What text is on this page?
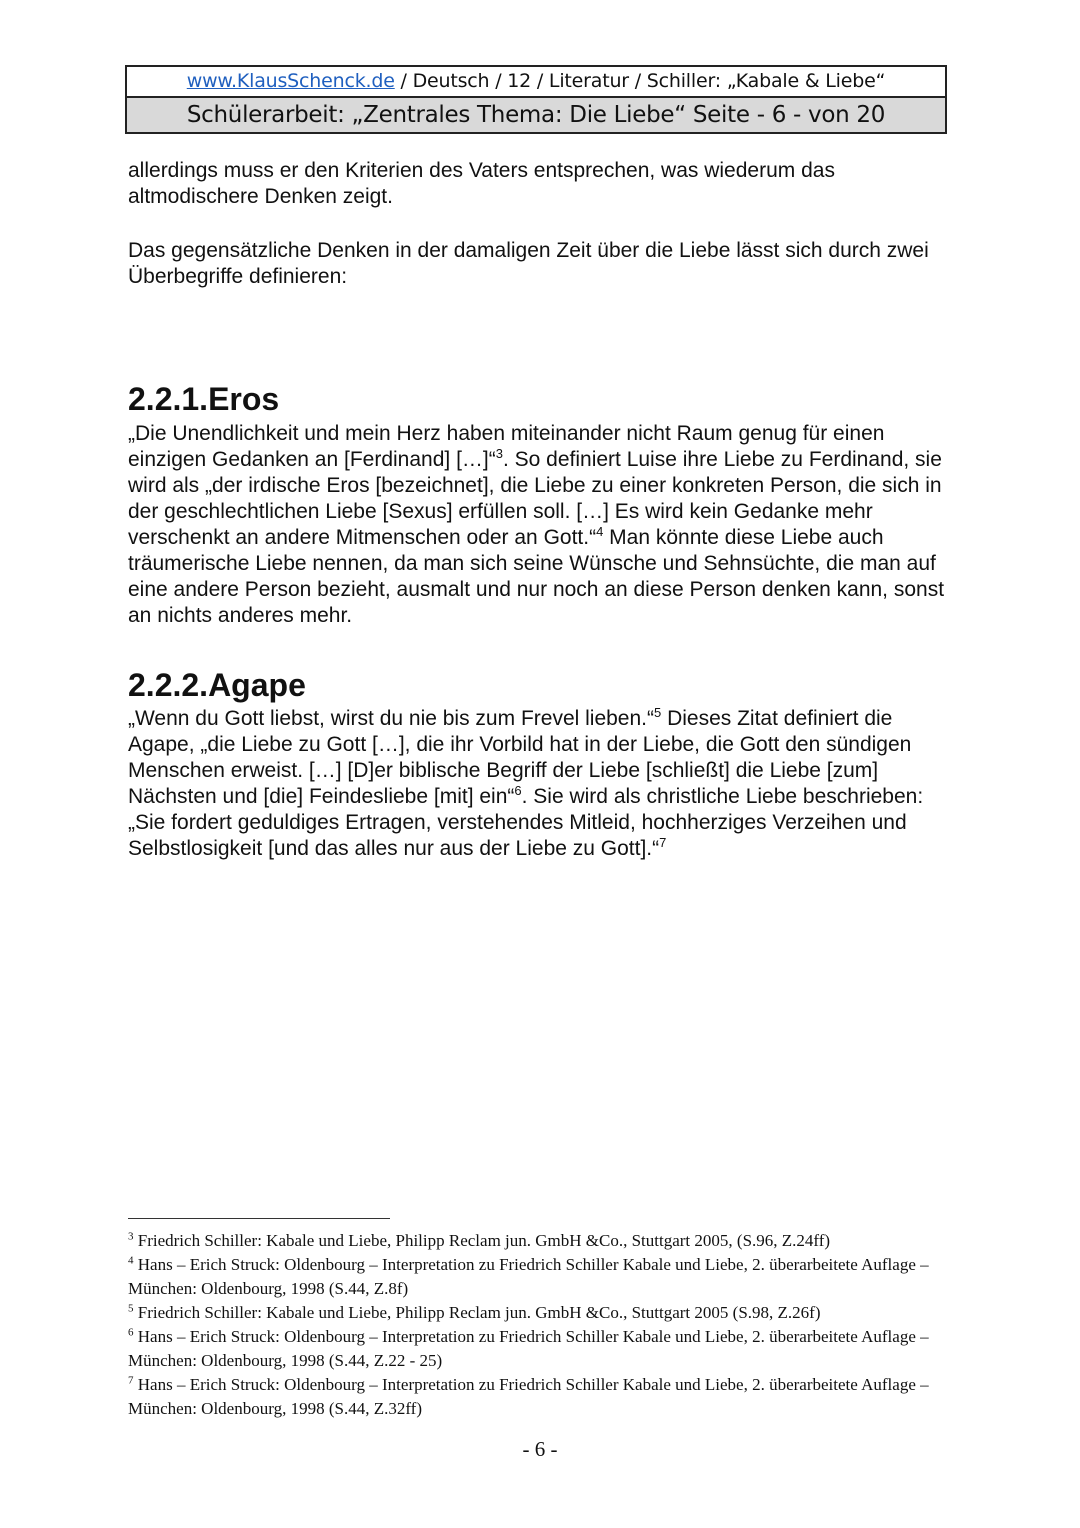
www.KlausSchenck.de / Deutsch / 12 / Literatur / Schiller: „Kabale & Liebe“
Schülerarbeit: „Zentrales Thema: Die Liebe“ Seite - 6 - von 20

allerdings muss er den Kriterien des Vaters entsprechen, was wiederum das altmodischere Denken zeigt.

Das gegensätzliche Denken in der damaligen Zeit über die Liebe lässt sich durch zwei Überbegriffe definieren:

2.2.1.Eros

„Die Unendlichkeit und mein Herz haben miteinander nicht Raum genug für einen einzigen Gedanken an [Ferdinand] […]“$^3$. So definiert Luise ihre Liebe zu Ferdinand, sie wird als „der irdische Eros [bezeichnet], die Liebe zu einer konkreten Person, die sich in der geschlechtlichen Liebe [Sexus] erfüllen soll. […] Es wird kein Gedanke mehr verschenkt an andere Mitmenschen oder an Gott.“$^4$ Man könnte diese Liebe auch träumerische Liebe nennen, da man sich seine Wünsche und Sehnsüchte, die man auf eine andere Person bezieht, ausmalt und nur noch an diese Person denken kann, sonst an nichts anderes mehr.

2.2.2.Agape

„Wenn du Gott liebst, wirst du nie bis zum Frevel lieben.“$^5$ Dieses Zitat definiert die Agape, „die Liebe zu Gott […], die ihr Vorbild hat in der Liebe, die Gott den sündigen Menschen erweist. […] [D]er biblische Begriff der Liebe [schließt] die Liebe [zum] Nächsten und [die] Feindesliebe [mit] ein“$^6$. Sie wird als christliche Liebe beschrieben: „Sie fordert geduldiges Ertragen, verstehendes Mitleid, hochherziges Verzeihen und Selbstlosigkeit [und das alles nur aus der Liebe zu Gott].“$^7$

$^3$ Friedrich Schiller: Kabale und Liebe, Philipp Reclam jun. GmbH &Co., Stuttgart 2005, (S.96, Z.24ff)

$^4$ Hans – Erich Struck: Oldenbourg – Interpretation zu Friedrich Schiller Kabale und Liebe, 2. überarbeitete Auflage – München: Oldenbourg, 1998 (S.44, Z.8f)

$^5$ Friedrich Schiller: Kabale und Liebe, Philipp Reclam jun. GmbH &Co., Stuttgart 2005 (S.98, Z.26f)

$^6$ Hans – Erich Struck: Oldenbourg – Interpretation zu Friedrich Schiller Kabale und Liebe, 2. überarbeitete Auflage – München: Oldenbourg, 1998 (S.44, Z.22 - 25)

$^7$ Hans – Erich Struck: Oldenbourg – Interpretation zu Friedrich Schiller Kabale und Liebe, 2. überarbeitete Auflage – München: Oldenbourg, 1998 (S.44, Z.32ff)

- 6 -
